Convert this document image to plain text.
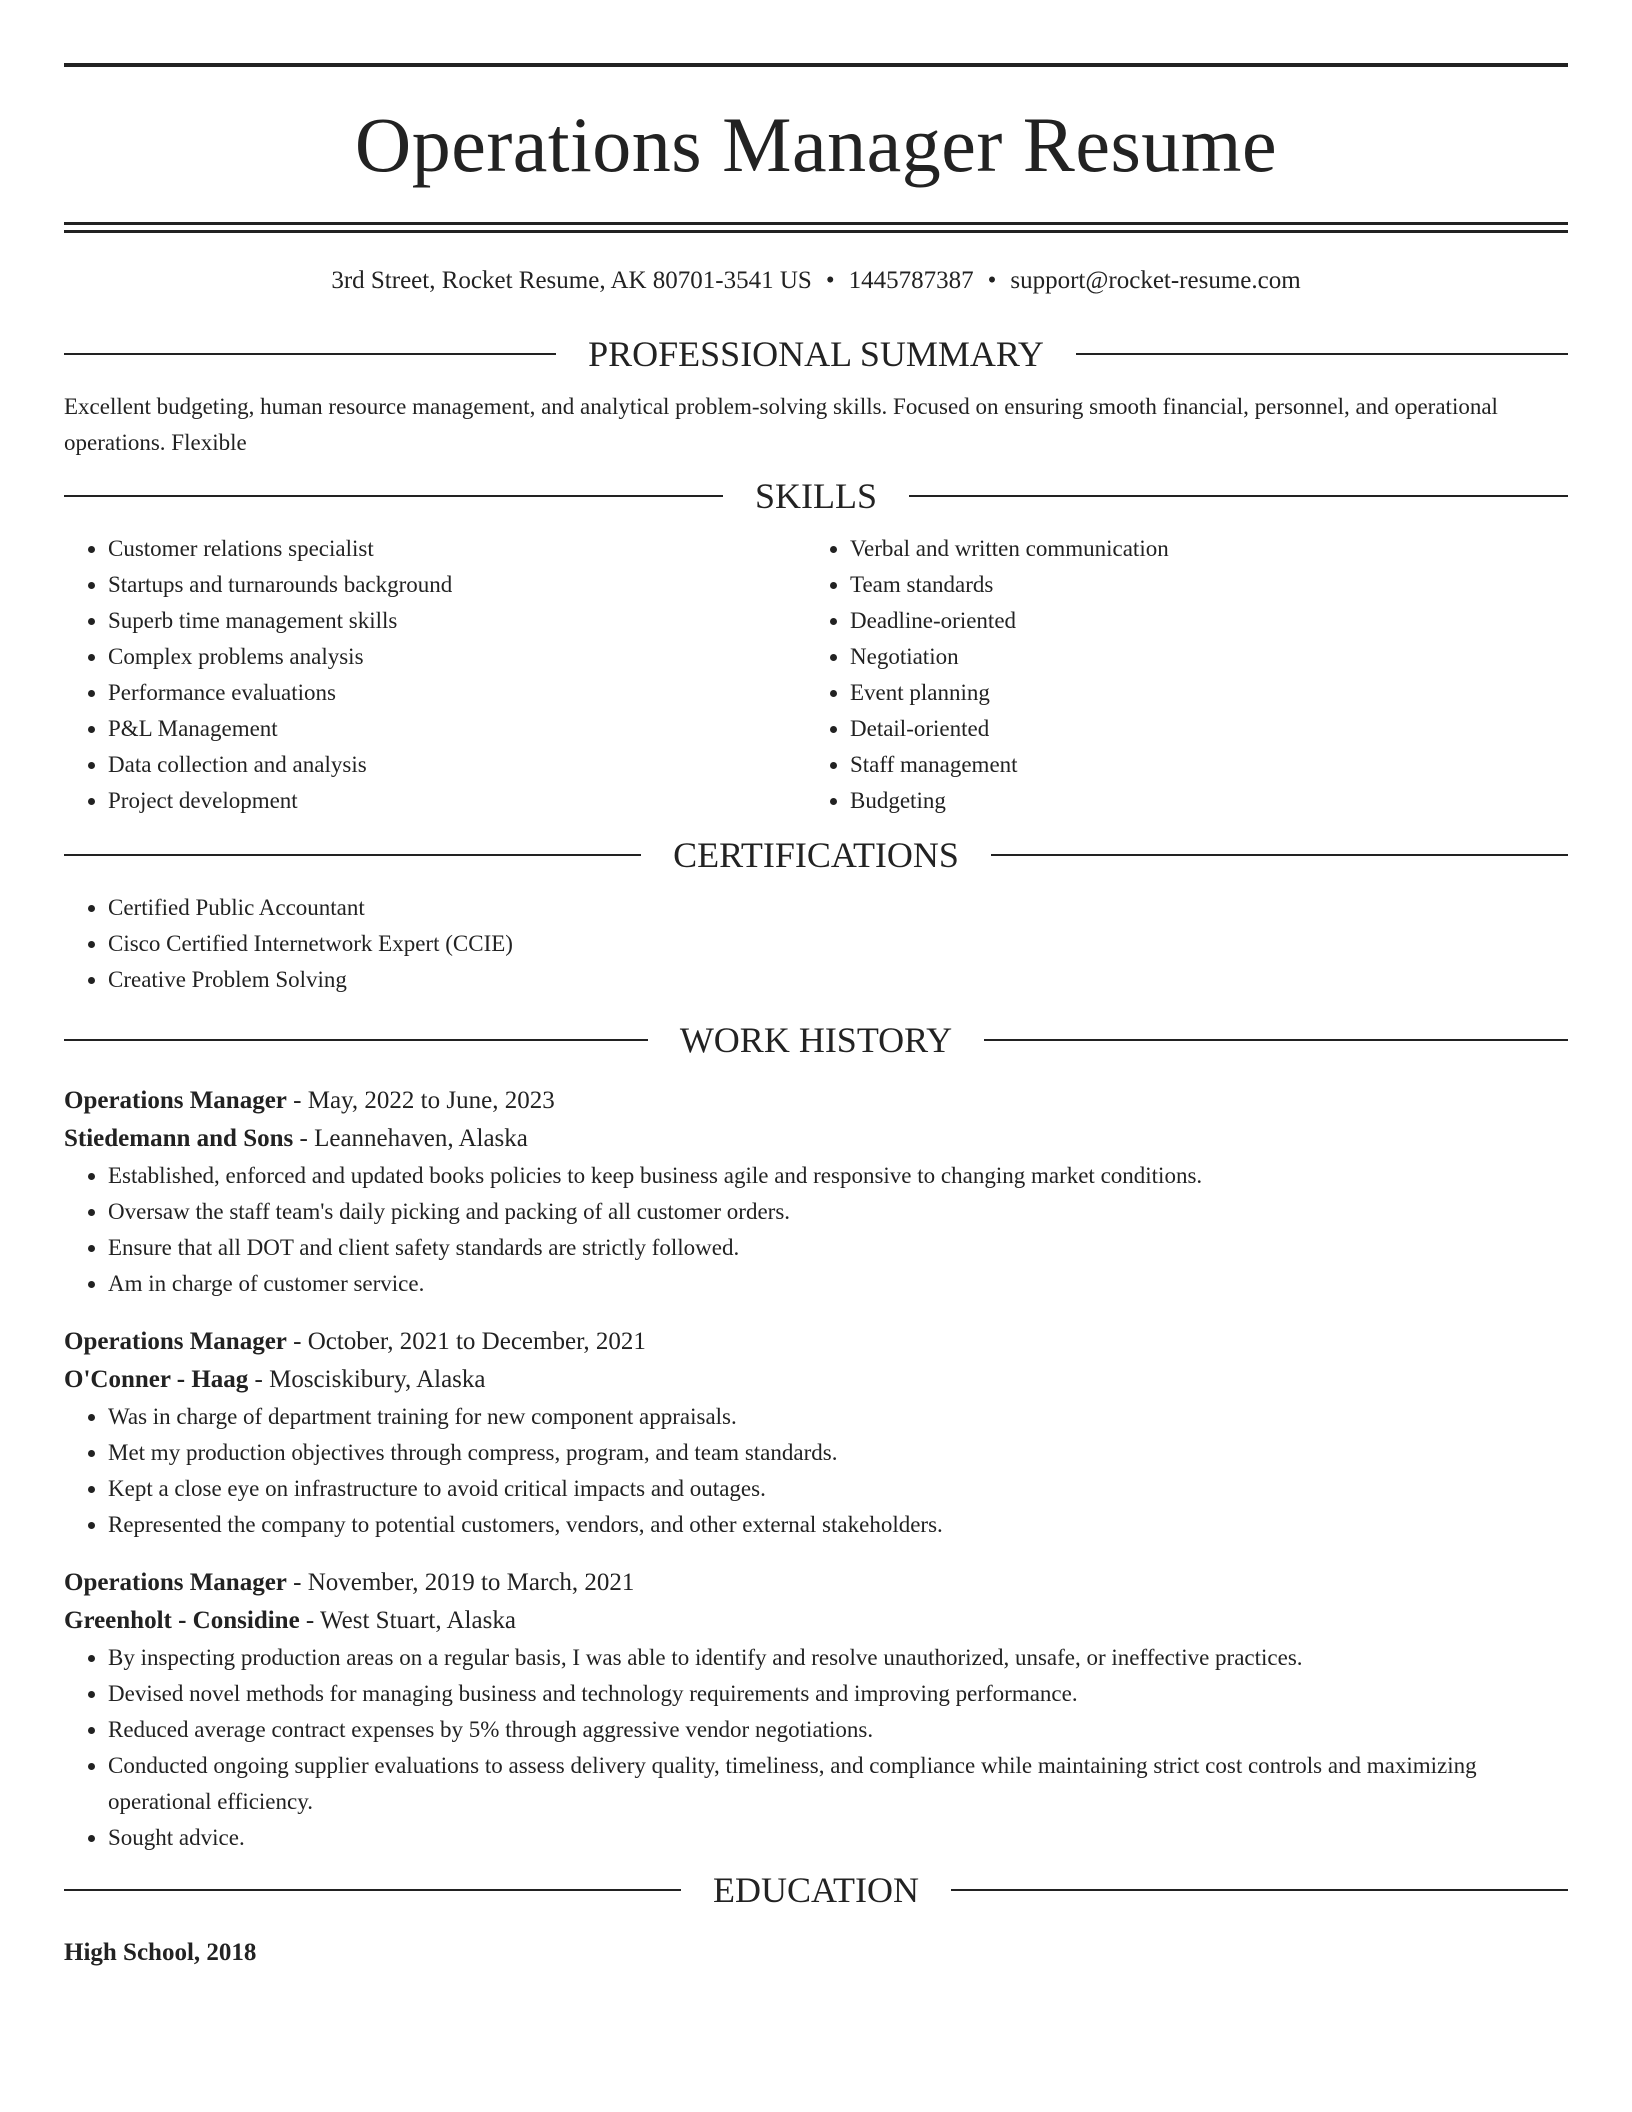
Operations Manager Resume
3rd Street, Rocket Resume, AK 80701-3541 US • 1445787387 • support@rocket-resume.com
PROFESSIONAL SUMMARY

Excellent budgeting, human resource management, and analytical problem-solving skills. Focused on ensuring smooth financial, personnel, and operational operations. Flexible

SKILLS
• Customer relations specialist
• Startups and turnarounds background
• Superb time management skills
• Complex problems analysis
• Performance evaluations
• P&L Management
• Data collection and analysis
• Project development
• Verbal and written communication
• Team standards
• Deadline-oriented
• Negotiation
• Event planning
• Detail-oriented
• Staff management
• Budgeting
CERTIFICATIONS
• Certified Public Accountant
• Cisco Certified Internetwork Expert (CCIE)
• Creative Problem Solving
WORK HISTORY
Operations Manager - May, 2022 to June, 2023
Stiedemann and Sons - Leannehaven, Alaska
• Established, enforced and updated books policies to keep business agile and responsive to changing market conditions.
• Oversaw the staff team's daily picking and packing of all customer orders.
• Ensure that all DOT and client safety standards are strictly followed.
• Am in charge of customer service.
Operations Manager - October, 2021 to December, 2021
O'Conner - Haag - Mosciskibury, Alaska
• Was in charge of department training for new component appraisals.
• Met my production objectives through compress, program, and team standards.
• Kept a close eye on infrastructure to avoid critical impacts and outages.
• Represented the company to potential customers, vendors, and other external stakeholders.
Operations Manager - November, 2019 to March, 2021
Greenholt - Considine - West Stuart, Alaska
• By inspecting production areas on a regular basis, I was able to identify and resolve unauthorized, unsafe, or ineffective practices.
• Devised novel methods for managing business and technology requirements and improving performance.
• Reduced average contract expenses by 5% through aggressive vendor negotiations.
• Conducted ongoing supplier evaluations to assess delivery quality, timeliness, and compliance while maintaining strict cost controls and maximizing operational efficiency.
• Sought advice.
EDUCATION
High School, 2018
